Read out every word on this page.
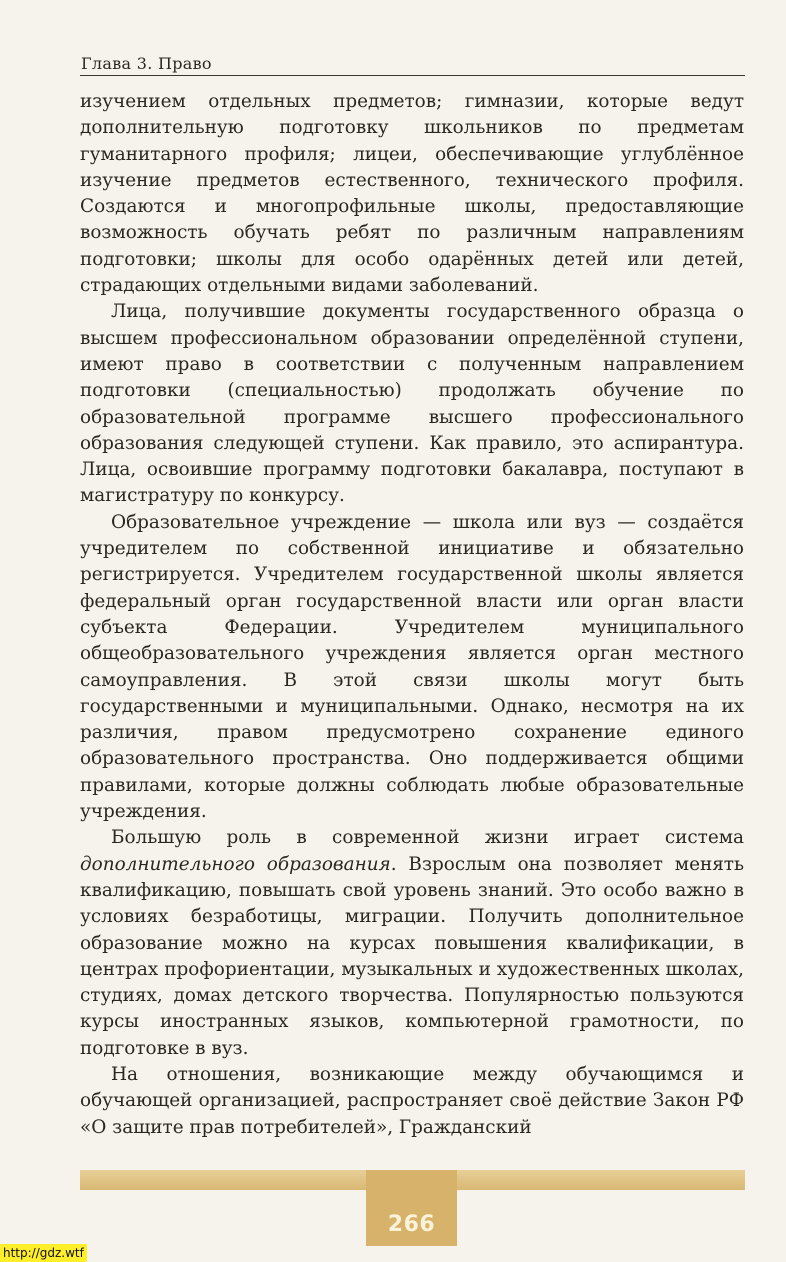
Глава 3. Право

изучением отдельных предметов; гимназии, которые ведут дополнительную подготовку школьников по предметам гуманитарного профиля; лицеи, обеспечивающие углублённое изучение предметов естественного, технического профиля. Создаются и многопрофильные школы, предоставляющие возможность обучать ребят по различным направлениям подготовки; школы для особо одарённых детей или детей, страдающих отдельными видами заболеваний.

Лица, получившие документы государственного образца о высшем профессиональном образовании определённой ступени, имеют право в соответствии с полученным направлением подготовки (специальностью) продолжать обучение по образовательной программе высшего профессионального образования следующей ступени. Как правило, это аспирантура. Лица, освоившие программу подготовки бакалавра, поступают в магистратуру по конкурсу.

Образовательное учреждение — школа или вуз — создаётся учредителем по собственной инициативе и обязательно регистрируется. Учредителем государственной школы является федеральный орган государственной власти или орган власти субъекта Федерации. Учредителем муниципального общеобразовательного учреждения является орган местного самоуправления. В этой связи школы могут быть государственными и муниципальными. Однако, несмотря на их различия, правом предусмотрено сохранение единого образовательного пространства. Оно поддерживается общими правилами, которые должны соблюдать любые образовательные учреждения.

Большую роль в современной жизни играет система дополнительного образования. Взрослым она позволяет менять квалификацию, повышать свой уровень знаний. Это особо важно в условиях безработицы, миграции. Получить дополнительное образование можно на курсах повышения квалификации, в центрах профориентации, музыкальных и художественных школах, студиях, домах детского творчества. Популярностью пользуются курсы иностранных языков, компьютерной грамотности, по подготовке в вуз.

На отношения, возникающие между обучающимся и обучающей организацией, распространяет своё действие Закон РФ «О защите прав потребителей», Гражданский

266
http://gdz.wtf
